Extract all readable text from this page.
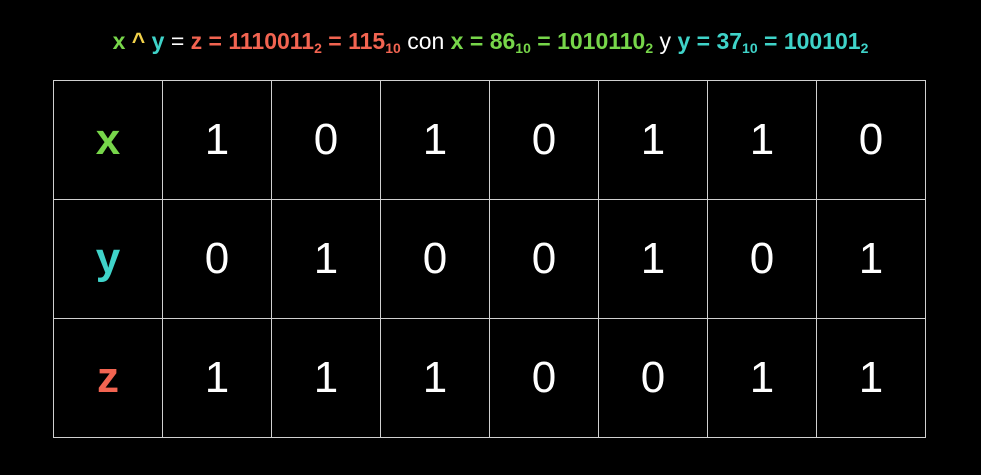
x ^ $y = z = 1110011_2 = 115_{10}$ con $x = 86_{10} = 1010110_2$ y $y = 37_{10} = 100101_2$
x	1	0	1	0	1	1	0
y	0	1	0	0	1	0	1
z	1	1	1	0	0	1	1
